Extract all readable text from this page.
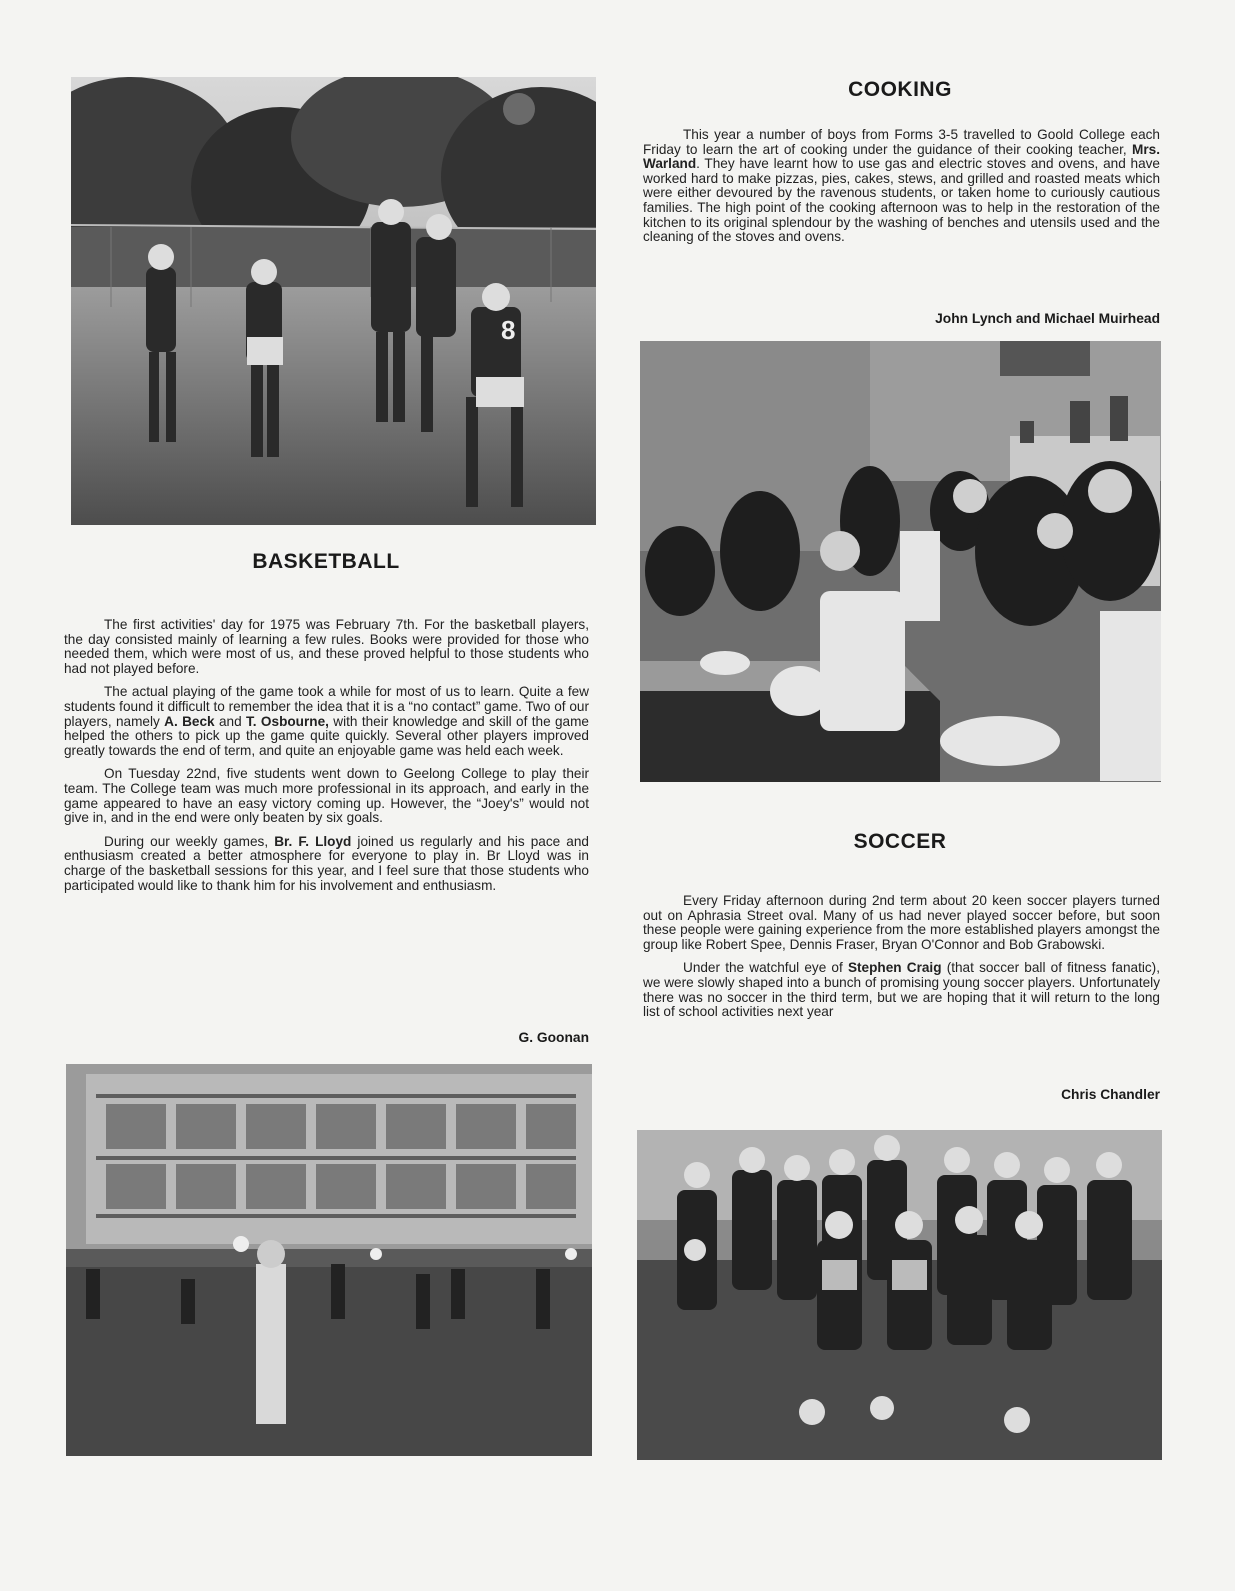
8
COOKING

This year a number of boys from Forms 3-5 travelled to Goold College each Friday to learn the art of cooking under the guidance of their cooking teacher, Mrs. Warland. They have learnt how to use gas and electric stoves and ovens, and have worked hard to make pizzas, pies, cakes, stews, and grilled and roasted meats which were either devoured by the ravenous students, or taken home to curiously cautious families. The high point of the cooking afternoon was to help in the restoration of the kitchen to its original splendour by the washing of benches and utensils used and the cleaning of the stoves and ovens.

John Lynch and Michael Muirhead
BASKETBALL

The first activities' day for 1975 was February 7th. For the basketball players, the day consisted mainly of learning a few rules. Books were provided for those who needed them, which were most of us, and these proved helpful to those students who had not played before.

The actual playing of the game took a while for most of us to learn. Quite a few students found it difficult to remember the idea that it is a “no contact” game. Two of our players, namely A. Beck and T. Osbourne, with their knowledge and skill of the game helped the others to pick up the game quite quickly. Several other players improved greatly towards the end of term, and quite an enjoyable game was held each week.

On Tuesday 22nd, five students went down to Geelong College to play their team. The College team was much more professional in its approach, and early in the game appeared to have an easy victory coming up. However, the “Joey's” would not give in, and in the end were only beaten by six goals.

During our weekly games, Br. F. Lloyd joined us regularly and his pace and enthusiasm created a better atmosphere for everyone to play in. Br Lloyd was in charge of the basketball sessions for this year, and I feel sure that those students who participated would like to thank him for his involvement and enthusiasm.

G. Goonan
SOCCER

Every Friday afternoon during 2nd term about 20 keen soccer players turned out on Aphrasia Street oval. Many of us had never played soccer before, but soon these people were gaining experience from the more established players amongst the group like Robert Spee, Dennis Fraser, Bryan O'Connor and Bob Grabowski.

Under the watchful eye of Stephen Craig (that soccer ball of fitness fanatic), we were slowly shaped into a bunch of promising young soccer players. Unfortunately there was no soccer in the third term, but we are hoping that it will return to the long list of school activities next year

Chris Chandler
